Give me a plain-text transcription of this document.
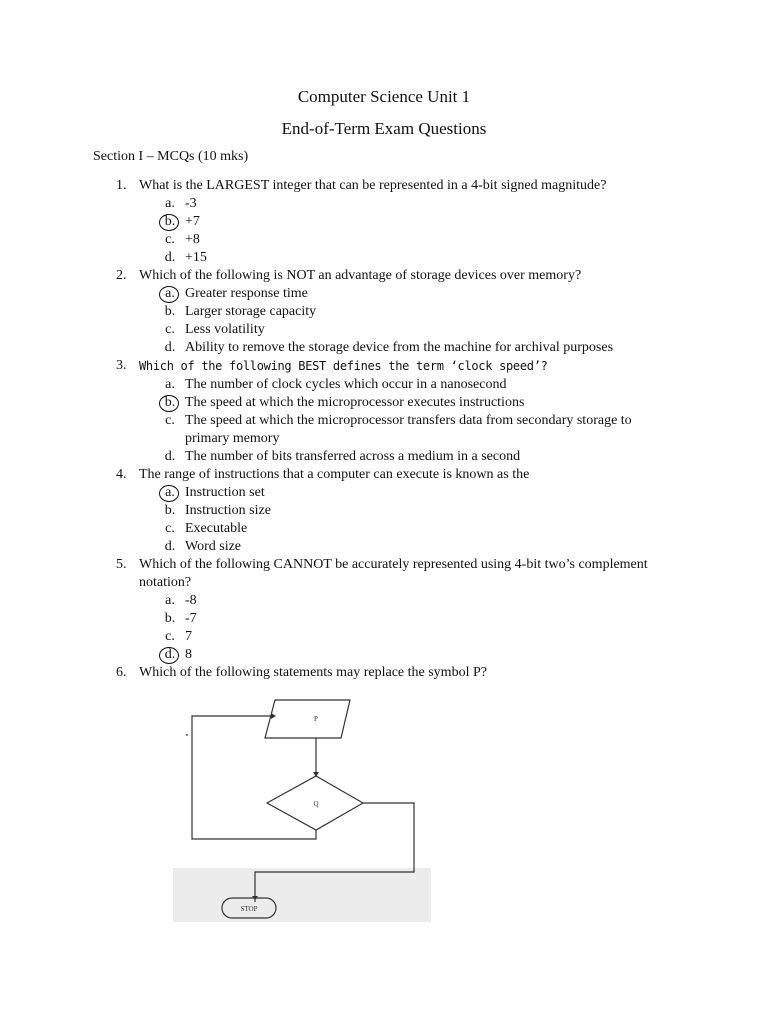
Computer Science Unit 1
End-of-Term Exam Questions
Section I – MCQs (10 mks)
1. What is the LARGEST integer that can be represented in a 4-bit signed magnitude?
a. -3
b. +7
c. +8
d. +15
2. Which of the following is NOT an advantage of storage devices over memory?
a. Greater response time
b. Larger storage capacity
c. Less volatility
d. Ability to remove the storage device from the machine for archival purposes
3. Which of the following BEST defines the term ‘clock speed’?
a. The number of clock cycles which occur in a nanosecond
b. The speed at which the microprocessor executes instructions
c. The speed at which the microprocessor transfers data from secondary storage to primary memory
d. The number of bits transferred across a medium in a second
4. The range of instructions that a computer can execute is known as the
a. Instruction set
b. Instruction size
c. Executable
d. Word size
5. Which of the following CANNOT be accurately represented using 4-bit two’s complement notation?
a. -8
b. -7
c. 7
d. 8
6. Which of the following statements may replace the symbol P?
P
Q
STOP
